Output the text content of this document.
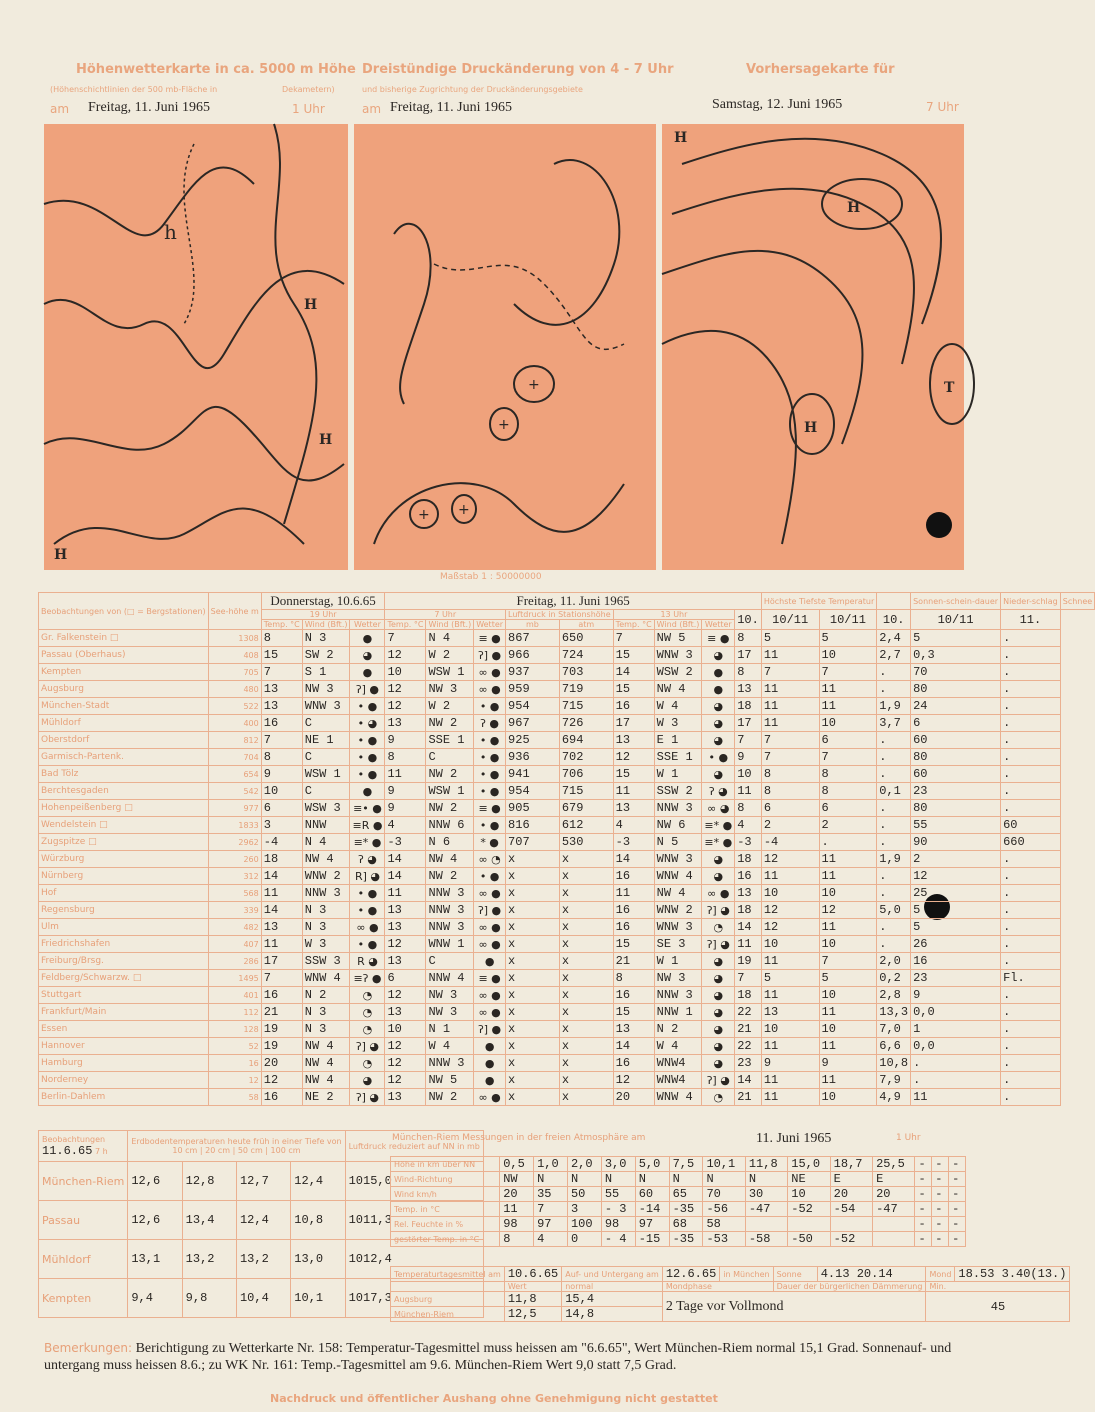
Höhenwetterkarte in ca. 5000 m Höhe
(Höhenschichtlinien der 500 mb-Fläche in	Dekametern)
am Freitag, 11. Juni 1965	1 Uhr
Dreistündige Druckänderung von 4 - 7 Uhr
und bisherige Zugrichtung der Druckänderungsgebiete
am Freitag, 11. Juni 1965
Vorhersagekarte für
Samstag, 12. Juni 1965	7 Uhr
h
H
H
H
+
+
+ +
H
H
T
H
Maßstab 1 : 50000000
Beobachtungen von (□ = Bergstationen)	See-höhe m	Donnerstag, 10.6.65			Freitag, 11. Juni 1965									Höchste Tiefste Temperatur			Sonnen-schein-dauer	Nieder-schlag	Schnee
		19 Uhr			7 Uhr			Luftdruck in Stationshöhe		13 Uhr			10.	10/11	10/11	10.	10/11	11.	
		Temp. °C	Wind (Bft.)	Wetter	Temp. °C	Wind (Bft.)	Wetter	mb	atm	Temp. °C	Wind (Bft.)	Wetter							
Gr. Falkenstein □	1308	8	N 3	●	7	N 4	≡ ●	867	650	7	NW 5	≡ ●	8	5	5	2,4	5	.	
Passau (Oberhaus)	408	15	SW 2	◕	12	W 2	ʔ] ●	966	724	15	WNW 3	◕	17	11	10	2,7	0,3	.	
Kempten	705	7	S 1	●	10	WSW 1	∞ ●	937	703	14	WSW 2	●	8	7	7	.	70	.	
Augsburg	480	13	NW 3	ʔ] ●	12	NW 3	∞ ●	959	719	15	NW 4	●	13	11	11	.	80	.	
München-Stadt	522	13	WNW 3	• ●	12	W 2	• ●	954	715	16	W 4	◕	18	11	11	1,9	24	.	
Mühldorf	400	16	C	• ◕	13	NW 2	ʔ ●	967	726	17	W 3	◕	17	11	10	3,7	6	.	
Oberstdorf	812	7	NE 1	• ●	9	SSE 1	• ●	925	694	13	E 1	◕	7	7	6	.	60	.	
Garmisch-Partenk.	704	8	C	• ●	8	C	• ●	936	702	12	SSE 1	• ●	9	7	7	.	80	.	
Bad Tölz	654	9	WSW 1	• ●	11	NW 2	• ●	941	706	15	W 1	◕	10	8	8	.	60	.	
Berchtesgaden	542	10	C	●	9	WSW 1	• ●	954	715	11	SSW 2	ʔ ◕	11	8	8	0,1	23	.	
Hohenpeißenberg □	977	6	WSW 3	≡• ●	9	NW 2	≡ ●	905	679	13	NNW 3	∞ ◕	8	6	6	.	80	.	
Wendelstein □	1833	3	NNW	≡R ●	4	NNW 6	• ●	816	612	4	NW 6	≡* ●	4	2	2	.	55	60	
Zugspitze □	2962	-4	N 4	≡* ●	-3	N 6	* ●	707	530	-3	N 5	≡* ●	-3	-4	.	.	90	660	
Würzburg	260	18	NW 4	ʔ ◕	14	NW 4	∞ ◔	x	x	14	WNW 3	◕	18	12	11	1,9	2	.	
Nürnberg	312	14	WNW 2	R] ◕	14	NW 2	• ●	x	x	16	WNW 4	◕	16	11	11	.	12	.	
Hof	568	11	NNW 3	• ●	11	NNW 3	∞ ●	x	x	11	NW 4	∞ ●	13	10	10	.	25	.	
Regensburg	339	14	N 3	• ●	13	NNW 3	ʔ] ●	x	x	16	WNW 2	ʔ] ◕	18	12	12	5,0	5	.	
Ulm	482	13	N 3	∞ ●	13	NNW 3	∞ ●	x	x	16	WNW 3	◔	14	12	11	.	5	.	
Friedrichshafen	407	11	W 3	• ●	12	WNW 1	∞ ●	x	x	15	SE 3	ʔ] ◕	11	10	10	.	26	.	
Freiburg/Brsg.	286	17	SSW 3	R ◕	13	C	●	x	x	21	W 1	◕	19	11	7	2,0	16	.	
Feldberg/Schwarzw. □	1495	7	WNW 4	≡ʔ ●	6	NNW 4	≡ ●	x	x	8	NW 3	◕	7	5	5	0,2	23	Fl.	
Stuttgart	401	16	N 2	◔	12	NW 3	∞ ●	x	x	16	NNW 3	◕	18	11	10	2,8	9	.	
Frankfurt/Main	112	21	N 3	◔	13	NW 3	∞ ●	x	x	15	NNW 1	◕	22	13	11	13,3	0,0	.	
Essen	128	19	N 3	◔	10	N 1	ʔ] ●	x	x	13	N 2	◕	21	10	10	7,0	1	.	
Hannover	52	19	NW 4	ʔ] ◕	12	W 4	●	x	x	14	W 4	◕	22	11	11	6,6	0,0	.	
Hamburg	16	20	NW 4	◔	12	NNW 3	●	x	x	16	WNW4	◕	23	9	9	10,8	.	.	
Norderney	12	12	NW 4	◕	12	NW 5	●	x	x	12	WNW4	ʔ] ◕	14	11	11	7,9	.	.	
Berlin-Dahlem	58	16	NE 2	ʔ] ◕	13	NW 2	∞ ●	x	x	20	WNW 4	◔	21	11	10	4,9	11	.	
Beobachtungen
11.6.65 7 h	Erdbodentemperaturen heute früh in einer Tiefe von
10 cm | 20 cm | 50 cm | 100 cm				Luftdruck reduziert auf NN in mb
München-Riem	12,6	12,8	12,7	12,4	1015,0
Passau	12,6	13,4	12,4	10,8	1011,3
Mühldorf	13,1	13,2	13,2	13,0	1012,4
Kempten	9,4	9,8	10,4	10,1	1017,3
München-Riem Messungen in der freien Atmosphäre am	11. Juni 1965	1 Uhr
Höhe in km über NN	0,5	1,0	2,0	3,0	5,0	7,5	10,1	11,8	15,0	18,7	25,5	-	-	-
Wind-Richtung	NW	N	N	N	N	N	N	N	NE	E	E	-	-	-
Wind km/h	20	35	50	55	60	65	70	30	10	20	20	-	-	-
Temp. in °C	11	7	3	- 3	-14	-35	-56	-47	-52	-54	-47	-	-	-
Rel. Feuchte in %	98	97	100	98	97	68	58					-	-	-
gestörter Temp. in °C	8	4	0	- 4	-15	-35	-53	-58	-50	-52		-	-	-
Temperaturtagesmittel am	10.6.65	Auf- und Untergang am	12.6.65	in München	Sonne	4.13 20.14	Mond	18.53 3.40(13.)
	Wert	normal	Mondphase		Dauer der bürgerlichen Dämmerung		Min.	
Augsburg	11,8	15,4	2 Tage vor Vollmond				45	
München-Riem	12,5	14,8						
Bemerkungen: Berichtigung zu Wetterkarte Nr. 158: Temperatur-Tagesmittel muss heissen am "6.6.65", Wert München-Riem normal 15,1 Grad. Sonnenauf- und untergang muss heissen 8.6.; zu WK Nr. 161: Temp.-Tagesmittel am 9.6. München-Riem Wert 9,0 statt 7,5 Grad.
Nachdruck und öffentlicher Aushang ohne Genehmigung nicht gestattet
